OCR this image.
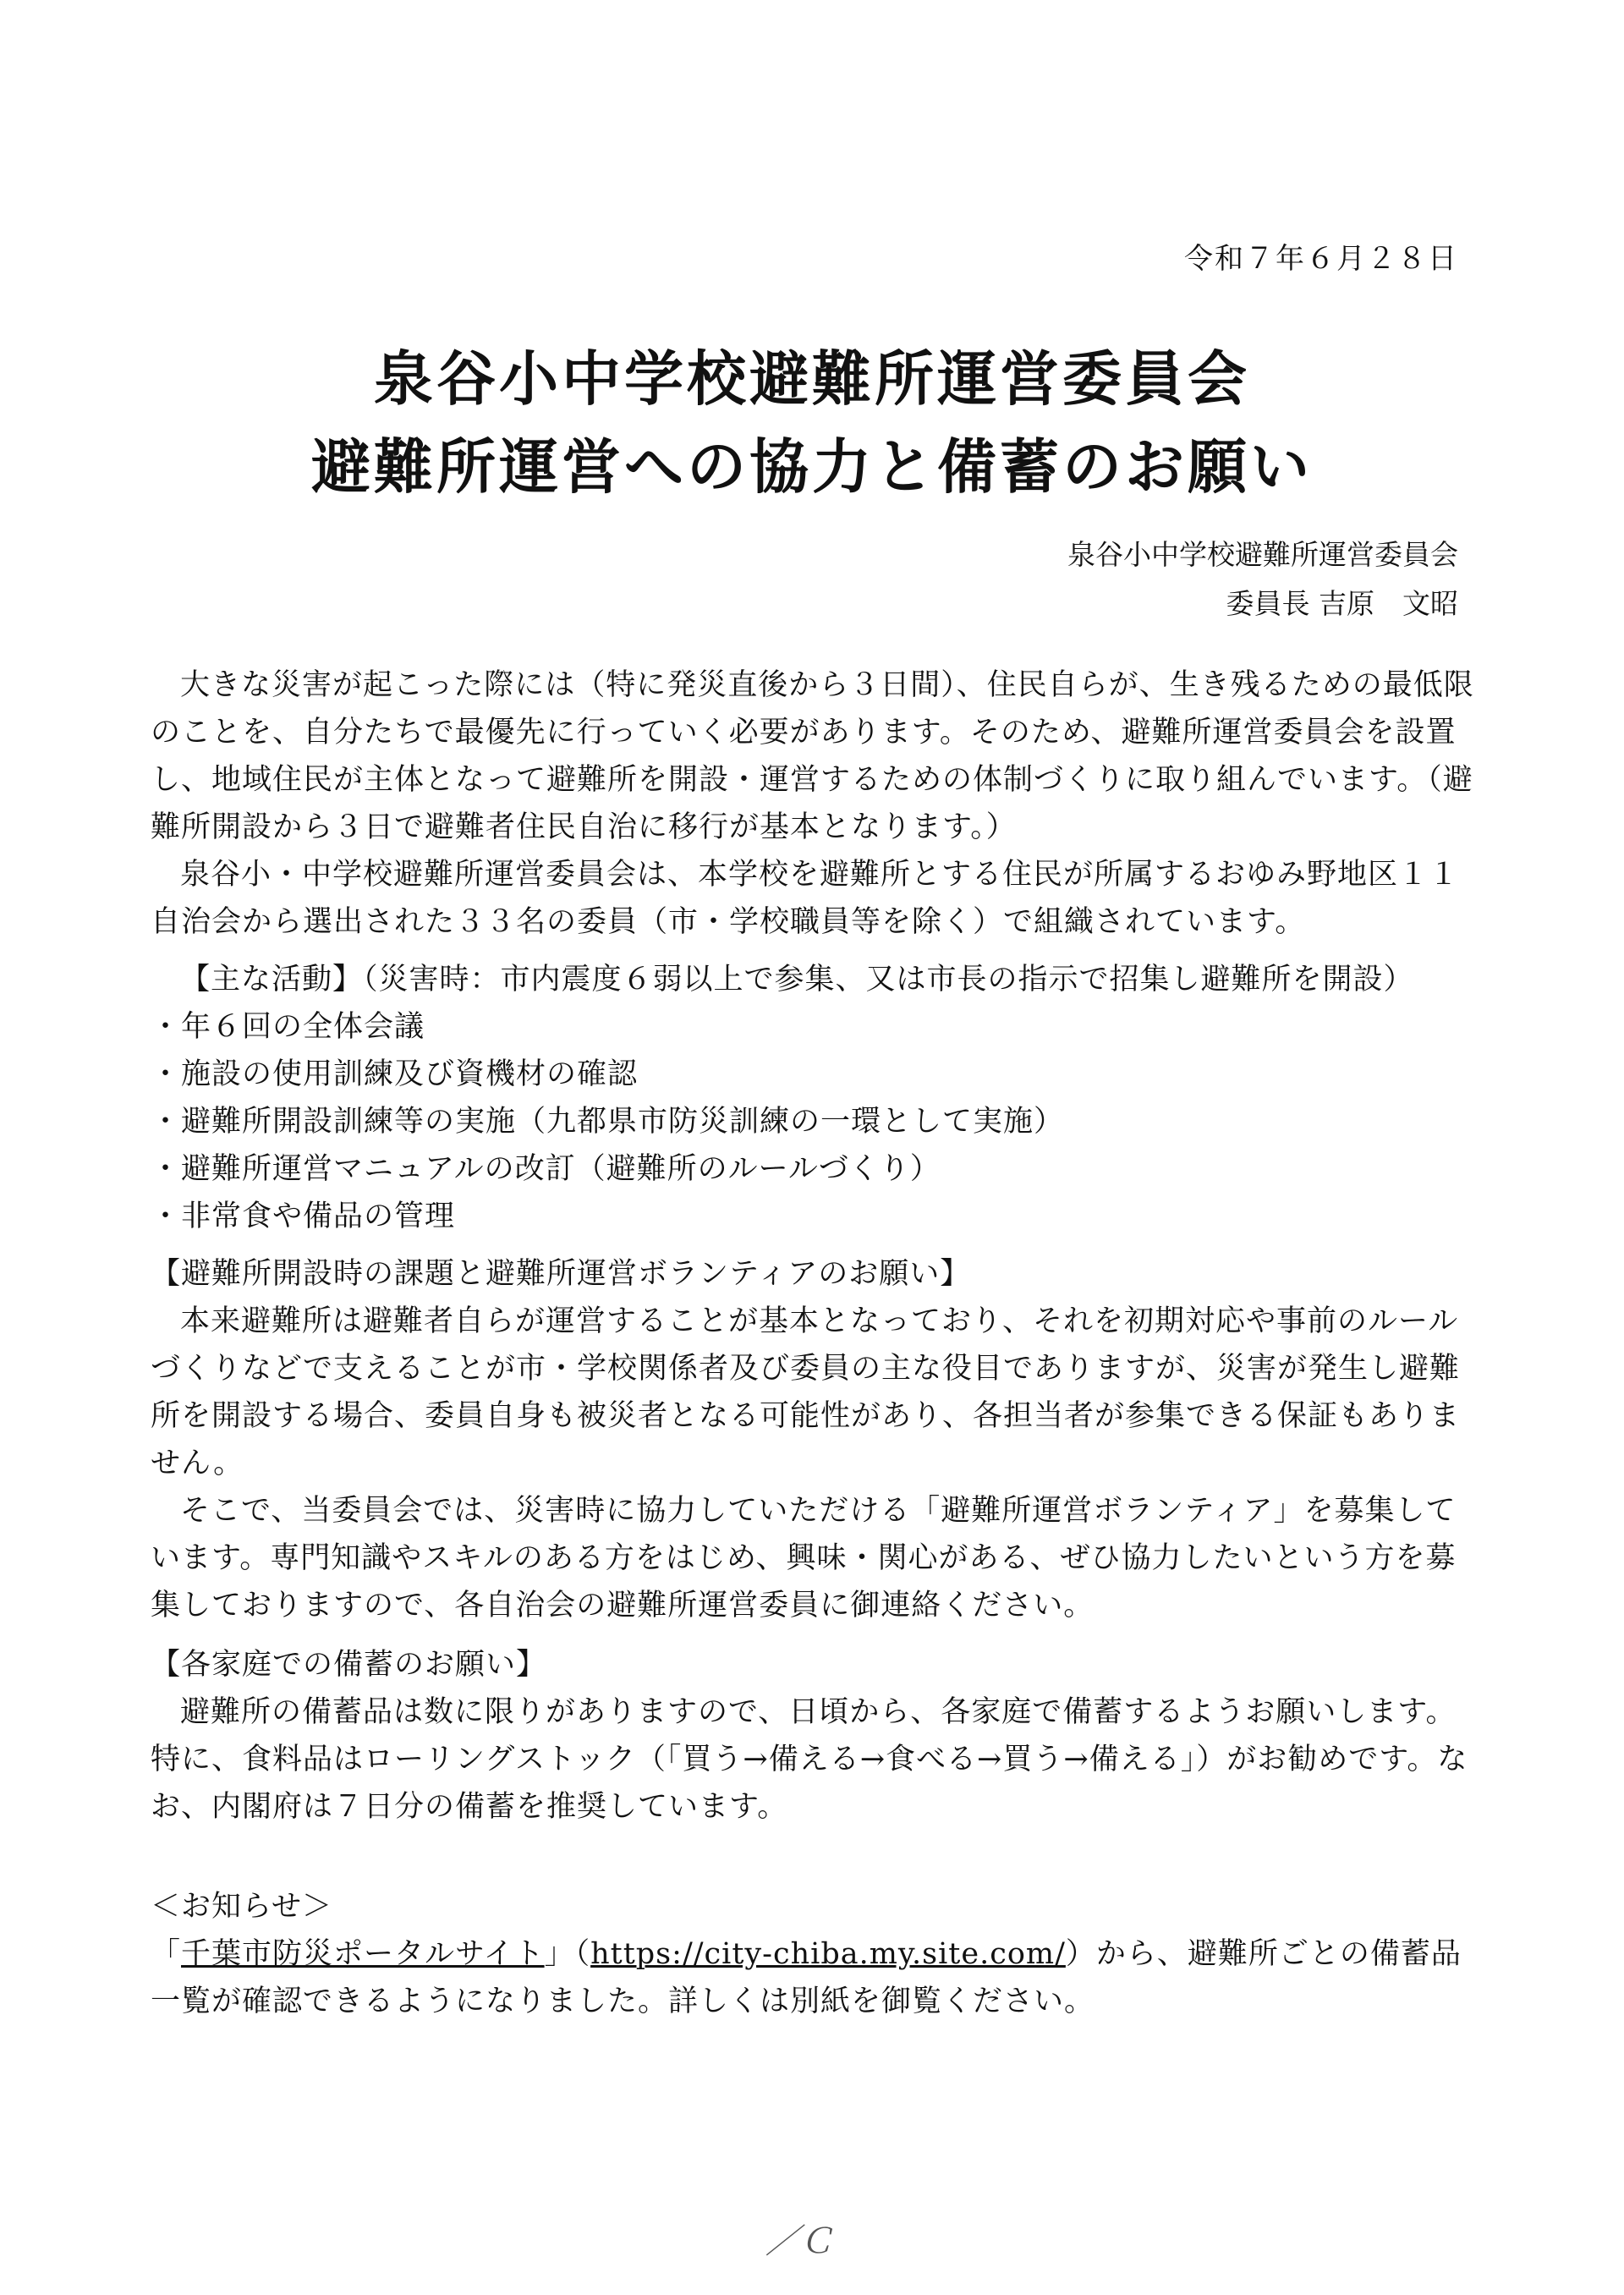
令和７年６月２８日
泉谷小中学校避難所運営委員会
避難所運営への協力と備蓄のお願い
泉谷小中学校避難所運営委員会
委員長 吉原　文昭

大きな災害が起こった際には（特に発災直後から３日間）、住民自らが、生き残るための最低限のことを、自分たちで最優先に行っていく必要があります。そのため、避難所運営委員会を設置し、地域住民が主体となって避難所を開設・運営するための体制づくりに取り組んでいます。（避難所開設から３日で避難者住民自治に移行が基本となります。）

泉谷小・中学校避難所運営委員会は、本学校を避難所とする住民が所属するおゆみ野地区１１自治会から選出された３３名の委員（市・学校職員等を除く）で組織されています。

【主な活動】（災害時：市内震度６弱以上で参集、又は市長の指示で招集し避難所を開設）

・年６回の全体会議
・施設の使用訓練及び資機材の確認
・避難所開設訓練等の実施（九都県市防災訓練の一環として実施）
・避難所運営マニュアルの改訂（避難所のルールづくり）
・非常食や備品の管理

【避難所開設時の課題と避難所運営ボランティアのお願い】

本来避難所は避難者自らが運営することが基本となっており、それを初期対応や事前のルールづくりなどで支えることが市・学校関係者及び委員の主な役目でありますが、災害が発生し避難所を開設する場合、委員自身も被災者となる可能性があり、各担当者が参集できる保証もありません。

そこで、当委員会では、災害時に協力していただける「避難所運営ボランティア」を募集しています。専門知識やスキルのある方をはじめ、興味・関心がある、ぜひ協力したいという方を募集しておりますので、各自治会の避難所運営委員に御連絡ください。

【各家庭での備蓄のお願い】

避難所の備蓄品は数に限りがありますので、日頃から、各家庭で備蓄するようお願いします。特に、食料品はローリングストック（「買う→備える→食べる→買う→備える」）がお勧めです。なお、内閣府は７日分の備蓄を推奨しています。

＜お知らせ＞

「千葉市防災ポータルサイト」（https://city-chiba.my.site.com/）から、避難所ごとの備蓄品一覧が確認できるようになりました。詳しくは別紙を御覧ください。

／Ｃ
